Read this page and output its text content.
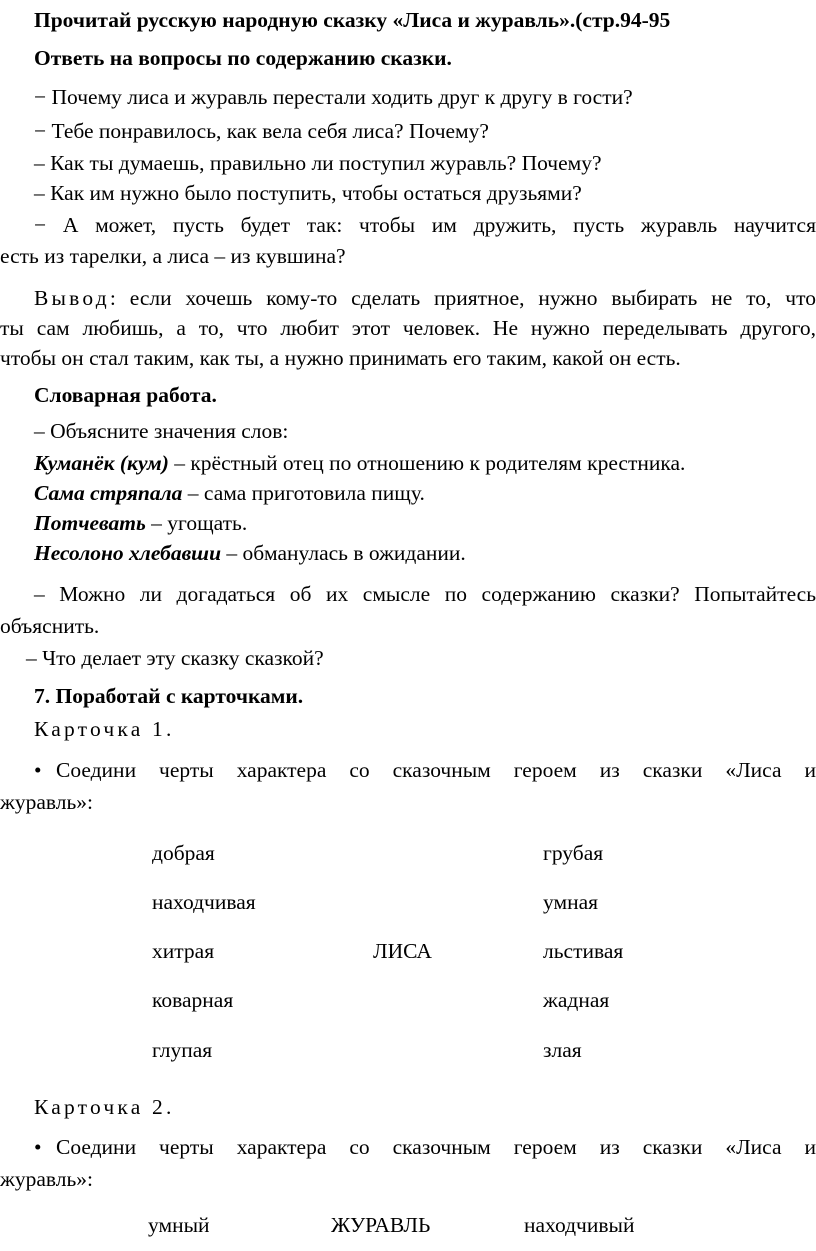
Прочитай русскую народную сказку «Лиса и журавль».(стр.94-95
Ответь на вопросы по содержанию сказки.
− Почему лиса и журавль перестали ходить друг к другу в гости?
− Тебе понравилось, как вела себя лиса? Почему?
– Как ты думаешь, правильно ли поступил журавль? Почему?
– Как им нужно было поступить, чтобы остаться друзьями?
− А может, пусть будет так: чтобы им дружить, пусть журавль научится
есть из тарелки, а лиса – из кувшина?
Вывод: если хочешь кому-то сделать приятное, нужно выбирать не то, что
ты сам любишь, а то, что любит этот человек. Не нужно переделывать другого,
чтобы он стал таким, как ты, а нужно принимать его таким, какой он есть.
Словарная работа.
– Объясните значения слов:
Куманёк (кум) – крёстный отец по отношению к родителям крестника.
Сама стряпала – сама приготовила пищу.
Потчевать – угощать.
Несолоно хлебавши – обманулась в ожидании.
– Можно ли догадаться об их смысле по содержанию сказки? Попытайтесь
объяснить.
– Что делает эту сказку сказкой?
7. Поработай с карточками.
Карточка 1.
• Соедини черты характера со сказочным героем из сказки «Лиса и
журавль»:
добрая
находчивая
хитрая
коварная
глупая
ЛИСА
грубая
умная
льстивая
жадная
злая
Карточка 2.
• Соедини черты характера со сказочным героем из сказки «Лиса и
журавль»:
умный	ЖУРАВЛЬ	находчивый
